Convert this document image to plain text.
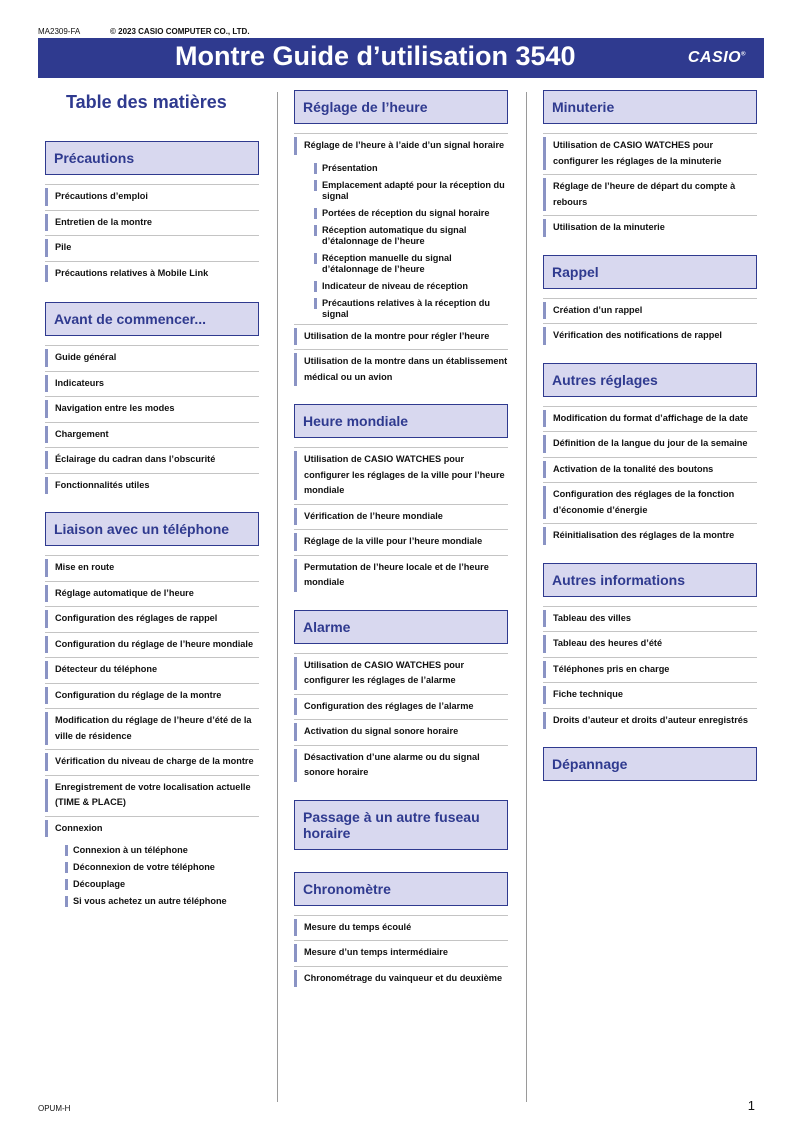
MA2309-FA	© 2023 CASIO COMPUTER CO., LTD.
Montre Guide d’utilisation 3540	CASIO®
Table des matières
Précautions
Précautions d’emploi
Entretien de la montre
Pile
Précautions relatives à Mobile Link
Avant de commencer...
Guide général
Indicateurs
Navigation entre les modes
Chargement
Éclairage du cadran dans l’obscurité
Fonctionnalités utiles
Liaison avec un téléphone
Mise en route
Réglage automatique de l’heure
Configuration des réglages de rappel
Configuration du réglage de l’heure mondiale
Détecteur du téléphone
Configuration du réglage de la montre
Modification du réglage de l’heure d’été de la ville de résidence
Vérification du niveau de charge de la montre
Enregistrement de votre localisation actuelle (TIME & PLACE)
Connexion
Connexion à un téléphone
Déconnexion de votre téléphone
Découplage
Si vous achetez un autre téléphone
Réglage de l’heure
Réglage de l’heure à l’aide d’un signal horaire
Présentation
Emplacement adapté pour la réception du signal
Portées de réception du signal horaire
Réception automatique du signal d’étalonnage de l’heure
Réception manuelle du signal d’étalonnage de l’heure
Indicateur de niveau de réception
Précautions relatives à la réception du signal
Utilisation de la montre pour régler l’heure
Utilisation de la montre dans un établissement médical ou un avion
Heure mondiale
Utilisation de CASIO WATCHES pour configurer les réglages de la ville pour l’heure mondiale
Vérification de l’heure mondiale
Réglage de la ville pour l’heure mondiale
Permutation de l’heure locale et de l’heure mondiale
Alarme
Utilisation de CASIO WATCHES pour configurer les réglages de l’alarme
Configuration des réglages de l’alarme
Activation du signal sonore horaire
Désactivation d’une alarme ou du signal sonore horaire
Passage à un autre fuseau horaire
Chronomètre
Mesure du temps écoulé
Mesure d’un temps intermédiaire
Chronométrage du vainqueur et du deuxième
Minuterie
Utilisation de CASIO WATCHES pour configurer les réglages de la minuterie
Réglage de l’heure de départ du compte à rebours
Utilisation de la minuterie
Rappel
Création d’un rappel
Vérification des notifications de rappel
Autres réglages
Modification du format d’affichage de la date
Définition de la langue du jour de la semaine
Activation de la tonalité des boutons
Configuration des réglages de la fonction d’économie d’énergie
Réinitialisation des réglages de la montre
Autres informations
Tableau des villes
Tableau des heures d’été
Téléphones pris en charge
Fiche technique
Droits d’auteur et droits d’auteur enregistrés
Dépannage
OPUM-H	1
